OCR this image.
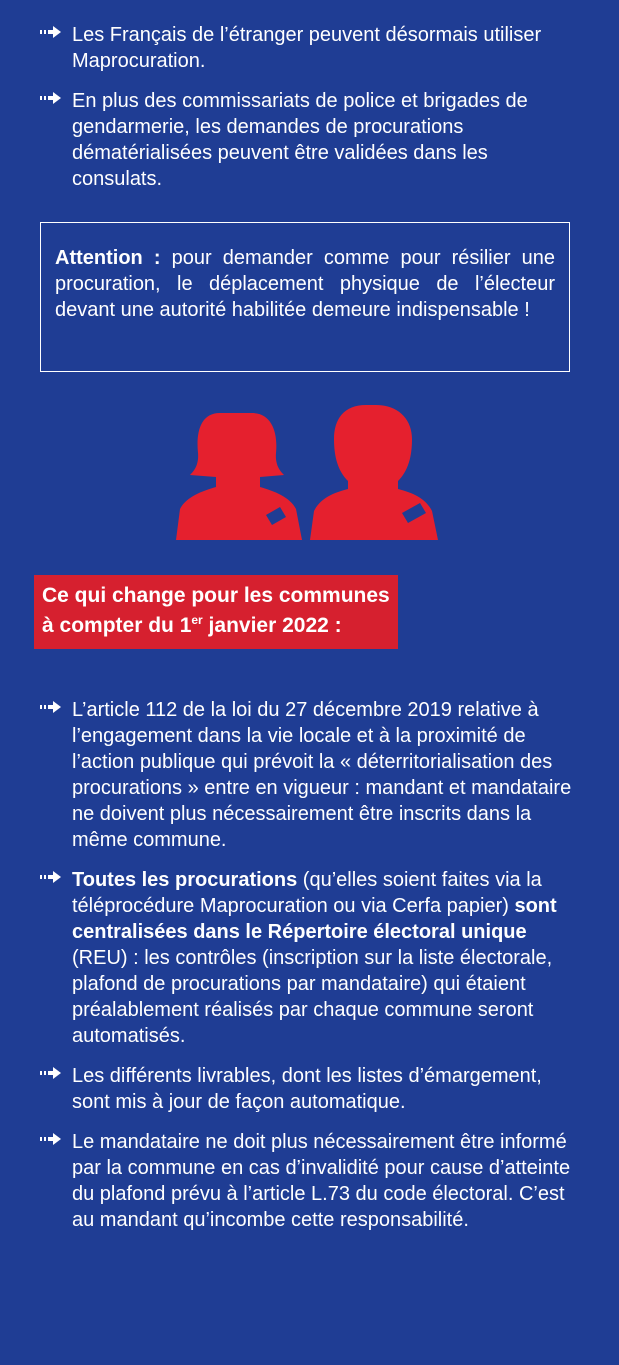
Les Français de l’étranger peuvent désormais utiliser Maprocuration.
En plus des commissariats de police et brigades de gendarmerie, les demandes de procurations dématérialisées peuvent être validées dans les consulats.
Attention : pour demander comme pour résilier une procuration, le déplacement physique de l’électeur devant une autorité habilitée demeure indispensable !
Ce qui change pour les communes
à compter du 1er janvier 2022 :
L’article 112 de la loi du 27 décembre 2019 relative à l’engagement dans la vie locale et à la proximité de l’action publique qui prévoit la « déterritorialisation des procurations » entre en vigueur : mandant et mandataire ne doivent plus nécessairement être inscrits dans la même commune.
Toutes les procurations (qu’elles soient faites via la téléprocédure Maprocuration ou via Cerfa papier) sont centralisées dans le Répertoire électoral unique (REU) : les contrôles (inscription sur la liste électorale, plafond de procurations par mandataire) qui étaient préalablement réalisés par chaque commune seront automatisés.
Les différents livrables, dont les listes d’émargement, sont mis à jour de façon automatique.
Le mandataire ne doit plus nécessairement être informé par la commune en cas d’invalidité pour cause d’atteinte du plafond prévu à l’article L.73 du code électoral. C’est au mandant qu’incombe cette responsabilité.
